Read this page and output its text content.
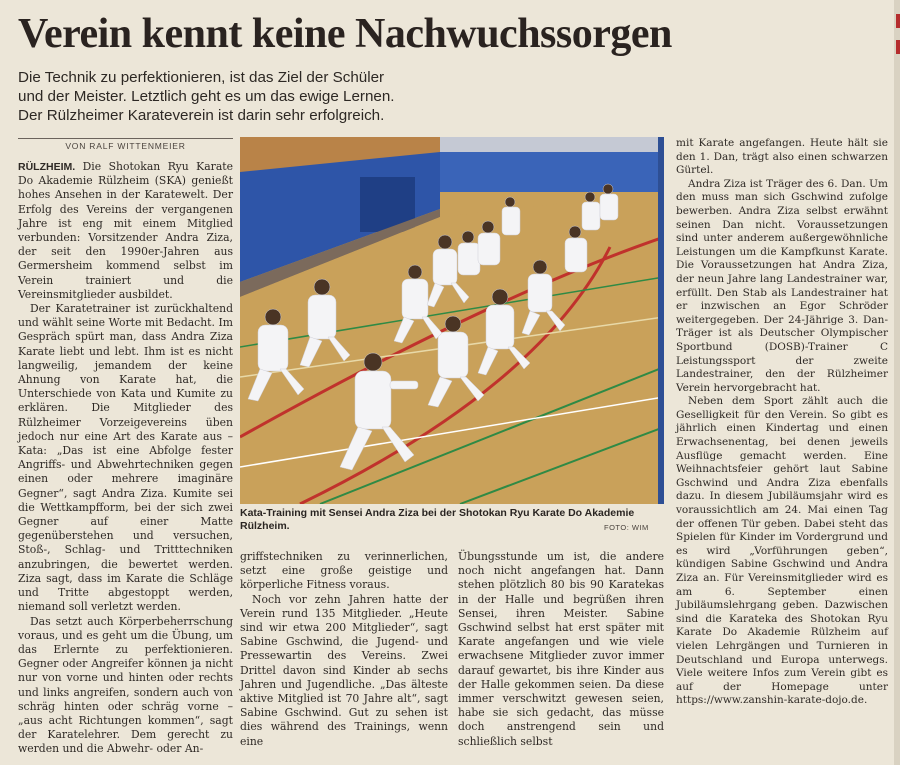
Verein kennt keine Nachwuchssorgen
Die Technik zu perfektionieren, ist das Ziel der Schüler
und der Meister. Letztlich geht es um das ewige Lernen.
Der Rülzheimer Karateverein ist darin sehr erfolgreich.
VON RALF WITTENMEIER

RÜLZHEIM. Die Shotokan Ryu Karate Do Akademie Rülzheim (SKA) genießt hohes Ansehen in der Karatewelt. Der Erfolg des Vereins der vergangenen Jahre ist eng mit einem Mitglied verbunden: Vorsitzender Andra Ziza, der seit den 1990er-Jahren aus Germersheim kommend selbst im Verein trainiert und die Vereinsmitglieder ausbildet.

Der Karatetrainer ist zurückhaltend und wählt seine Worte mit Bedacht. Im Gespräch spürt man, dass Andra Ziza Karate liebt und lebt. Ihm ist es nicht langweilig, jemandem der keine Ahnung von Karate hat, die Unterschiede von Kata und Kumite zu erklären. Die Mitglieder des Rülzheimer Vorzeigevereins üben jedoch nur eine Art des Karate aus – Kata: „Das ist eine Abfolge fester Angriffs- und Abwehrtechniken gegen einen oder mehrere imaginäre Gegner“, sagt Andra Ziza. Kumite sei die Wettkampfform, bei der sich zwei Gegner auf einer Matte gegenüberstehen und versuchen, Stoß-, Schlag- und Tritttechniken anzubringen, die bewertet werden. Ziza sagt, dass im Karate die Schläge und Tritte abgestoppt werden, niemand soll verletzt werden.

Das setzt auch Körperbeherrschung voraus, und es geht um die Übung, um das Erlernte zu perfektionieren. Gegner oder Angreifer können ja nicht nur von vorne und hinten oder rechts und links angreifen, sondern auch von schräg hinten oder schräg vorne – „aus acht Richtungen kommen“, sagt der Karatelehrer. Dem gerecht zu werden und die Abwehr- oder An-

Kata-Training mit Sensei Andra Ziza bei der Shotokan Ryu Karate Do Akademie Rülzheim.	FOTO: WIM

griffstechniken zu verinnerlichen, setzt eine große geistige und körperliche Fitness voraus.

Noch vor zehn Jahren hatte der Verein rund 135 Mitglieder. „Heute sind wir etwa 200 Mitglieder“, sagt Sabine Gschwind, die Jugend- und Pressewartin des Vereins. Zwei Drittel davon sind Kinder ab sechs Jahren und Jugendliche. „Das älteste aktive Mitglied ist 70 Jahre alt“, sagt Sabine Gschwind. Gut zu sehen ist dies während des Trainings, wenn eine

Übungsstunde um ist, die andere noch nicht angefangen hat. Dann stehen plötzlich 80 bis 90 Karatekas in der Halle und begrüßen ihren Sensei, ihren Meister. Sabine Gschwind selbst hat erst später mit Karate angefangen und wie viele erwachsene Mitglieder zuvor immer darauf gewartet, bis ihre Kinder aus der Halle gekommen seien. Da diese immer verschwitzt gewesen seien, habe sie sich gedacht, das müsse doch anstrengend sein und schließlich selbst

mit Karate angefangen. Heute hält sie den 1. Dan, trägt also einen schwarzen Gürtel.

Andra Ziza ist Träger des 6. Dan. Um den muss man sich Gschwind zufolge bewerben. Andra Ziza selbst erwähnt seinen Dan nicht. Voraussetzungen sind unter anderem außergewöhnliche Leistungen um die Kampfkunst Karate. Die Voraussetzungen hat Andra Ziza, der neun Jahre lang Landestrainer war, erfüllt. Den Stab als Landestrainer hat er inzwischen an Egor Schröder weitergegeben. Der 24-Jährige 3. Dan-Träger ist als Deutscher Olympischer Sportbund (DOSB)-Trainer C Leistungssport der zweite Landestrainer, den der Rülzheimer Verein hervorgebracht hat.

Neben dem Sport zählt auch die Geselligkeit für den Verein. So gibt es jährlich einen Kindertag und einen Erwachsenentag, bei denen jeweils Ausflüge gemacht werden. Eine Weihnachtsfeier gehört laut Sabine Gschwind und Andra Ziza ebenfalls dazu. In diesem Jubiläumsjahr wird es voraussichtlich am 24. Mai einen Tag der offenen Tür geben. Dabei steht das Spielen für Kinder im Vordergrund und es wird „Vorführungen geben“, kündigen Sabine Gschwind und Andra Ziza an. Für Vereinsmitglieder wird es am 6. September einen Jubiläumslehrgang geben. Dazwischen sind die Karateka des Shotokan Ryu Karate Do Akademie Rülzheim auf vielen Lehrgängen und Turnieren in Deutschland und Europa unterwegs. Viele weitere Infos zum Verein gibt es auf der Homepage unter https://www.zanshin-karate-dojo.de.
